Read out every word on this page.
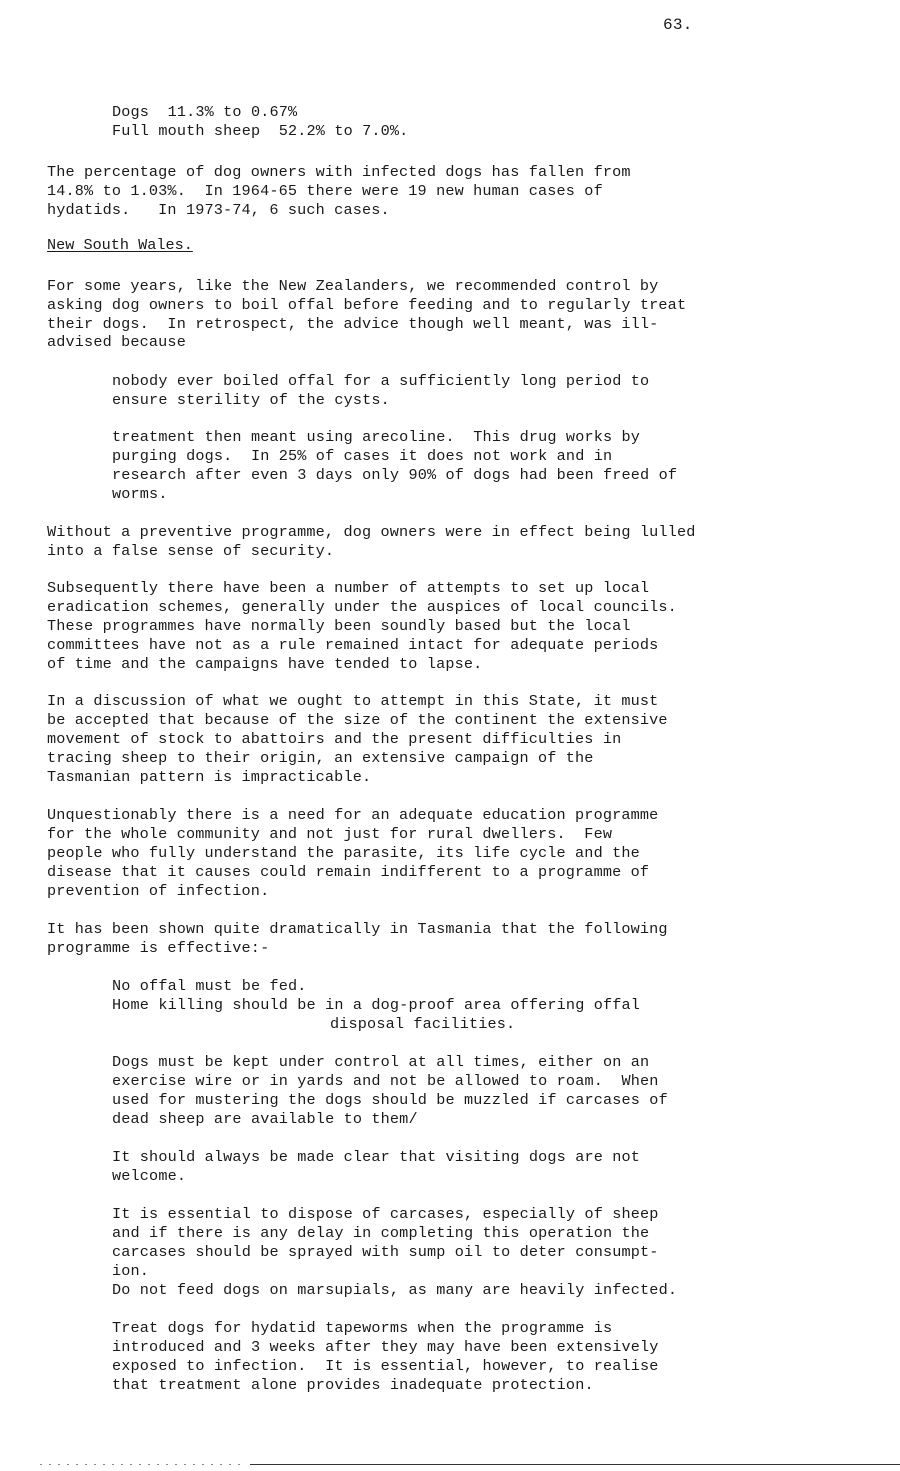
63.
Dogs  11.3% to 0.67%
Full mouth sheep  52.2% to 7.0%.
The percentage of dog owners with infected dogs has fallen from
14.8% to 1.03%.  In 1964-65 there were 19 new human cases of
hydatids.   In 1973-74, 6 such cases.
New South Wales.
For some years, like the New Zealanders, we recommended control by
asking dog owners to boil offal before feeding and to regularly treat
their dogs.  In retrospect, the advice though well meant, was ill-
advised because
nobody ever boiled offal for a sufficiently long period to
ensure sterility of the cysts.
treatment then meant using arecoline.  This drug works by
purging dogs.  In 25% of cases it does not work and in
research after even 3 days only 90% of dogs had been freed of
worms.
Without a preventive programme, dog owners were in effect being lulled
into a false sense of security.
Subsequently there have been a number of attempts to set up local
eradication schemes, generally under the auspices of local councils.
These programmes have normally been soundly based but the local
committees have not as a rule remained intact for adequate periods
of time and the campaigns have tended to lapse.
In a discussion of what we ought to attempt in this State, it must
be accepted that because of the size of the continent the extensive
movement of stock to abattoirs and the present difficulties in
tracing sheep to their origin, an extensive campaign of the
Tasmanian pattern is impracticable.
Unquestionably there is a need for an adequate education programme
for the whole community and not just for rural dwellers.  Few
people who fully understand the parasite, its life cycle and the
disease that it causes could remain indifferent to a programme of
prevention of infection.
It has been shown quite dramatically in Tasmania that the following
programme is effective:-
No offal must be fed.
Home killing should be in a dog-proof area offering offal
disposal facilities.
Dogs must be kept under control at all times, either on an
exercise wire or in yards and not be allowed to roam.  When
used for mustering the dogs should be muzzled if carcases of
dead sheep are available to them/
It should always be made clear that visiting dogs are not
welcome.
It is essential to dispose of carcases, especially of sheep
and if there is any delay in completing this operation the
carcases should be sprayed with sump oil to deter consumpt-
ion.
Do not feed dogs on marsupials, as many are heavily infected.
Treat dogs for hydatid tapeworms when the programme is
introduced and 3 weeks after they may have been extensively
exposed to infection.  It is essential, however, to realise
that treatment alone provides inadequate protection.
